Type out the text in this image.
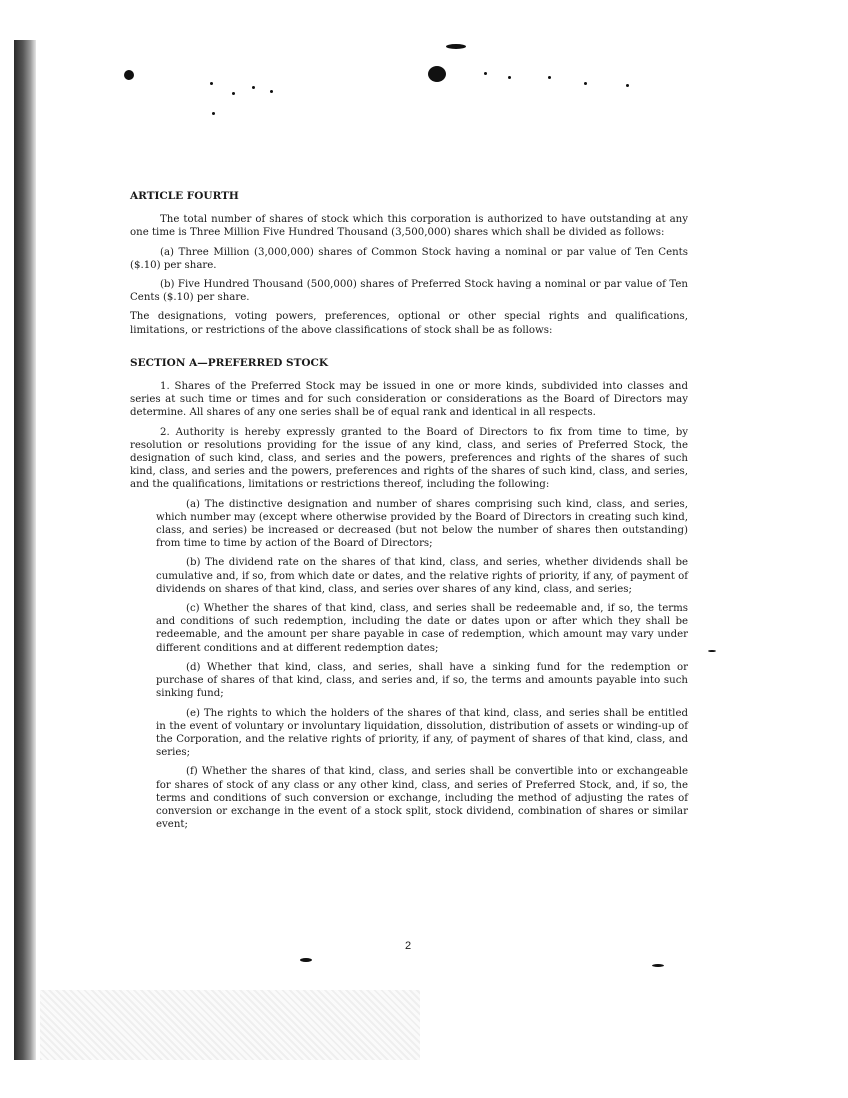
ARTICLE FOURTH

The total number of shares of stock which this corporation is authorized to have outstanding at any one time is Three Million Five Hundred Thousand (3,500,000) shares which shall be divided as follows:

(a) Three Million (3,000,000) shares of Common Stock having a nominal or par value of Ten Cents ($.10) per share.

(b) Five Hundred Thousand (500,000) shares of Preferred Stock having a nominal or par value of Ten Cents ($.10) per share.

The designations, voting powers, preferences, optional or other special rights and qualifications, limitations, or restrictions of the above classifications of stock shall be as follows:

SECTION A—PREFERRED STOCK

1. Shares of the Preferred Stock may be issued in one or more kinds, subdivided into classes and series at such time or times and for such consideration or considerations as the Board of Directors may determine. All shares of any one series shall be of equal rank and identical in all respects.

2. Authority is hereby expressly granted to the Board of Directors to fix from time to time, by resolution or resolutions providing for the issue of any kind, class, and series of Preferred Stock, the designation of such kind, class, and series and the powers, preferences and rights of the shares of such kind, class, and series and the powers, preferences and rights of the shares of such kind, class, and series, and the qualifications, limitations or restrictions thereof, including the following:

(a) The distinctive designation and number of shares comprising such kind, class, and series, which number may (except where otherwise provided by the Board of Directors in creating such kind, class, and series) be increased or decreased (but not below the number of shares then outstanding) from time to time by action of the Board of Directors;

(b) The dividend rate on the shares of that kind, class, and series, whether dividends shall be cumulative and, if so, from which date or dates, and the relative rights of priority, if any, of payment of dividends on shares of that kind, class, and series over shares of any kind, class, and series;

(c) Whether the shares of that kind, class, and series shall be redeemable and, if so, the terms and conditions of such redemption, including the date or dates upon or after which they shall be redeemable, and the amount per share payable in case of redemption, which amount may vary under different conditions and at different redemption dates;

(d) Whether that kind, class, and series, shall have a sinking fund for the redemption or purchase of shares of that kind, class, and series and, if so, the terms and amounts payable into such sinking fund;

(e) The rights to which the holders of the shares of that kind, class, and series shall be entitled in the event of voluntary or involuntary liquidation, dissolution, distribution of assets or winding-up of the Corporation, and the relative rights of priority, if any, of payment of shares of that kind, class, and series;

(f) Whether the shares of that kind, class, and series shall be convertible into or exchangeable for shares of stock of any class or any other kind, class, and series of Preferred Stock, and, if so, the terms and conditions of such conversion or exchange, including the method of adjusting the rates of conversion or exchange in the event of a stock split, stock dividend, combination of shares or similar event;

2
